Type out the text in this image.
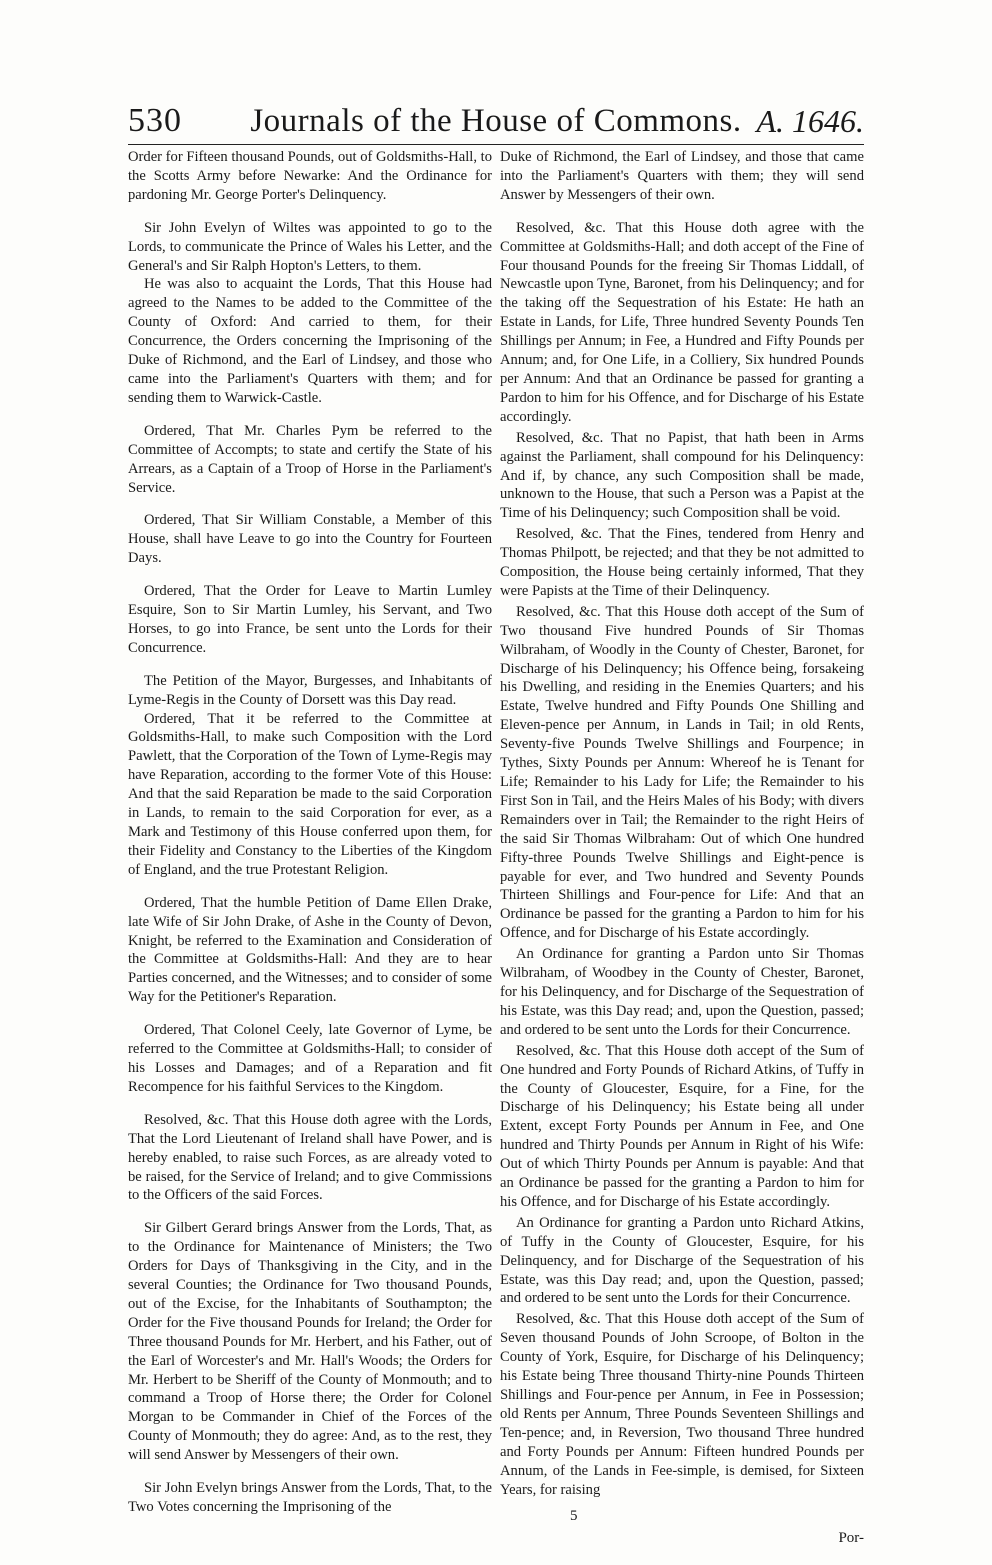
530	Journals of the House of Commons. A. 1646.

Order for Fifteen thousand Pounds, out of Goldsmiths-Hall, to the Scotts Army before Newarke: And the Ordinance for pardoning Mr. George Porter's Delinquency.

Sir John Evelyn of Wiltes was appointed to go to the Lords, to communicate the Prince of Wales his Letter, and the General's and Sir Ralph Hopton's Letters, to them.

He was also to acquaint the Lords, That this House had agreed to the Names to be added to the Committee of the County of Oxford: And carried to them, for their Concurrence, the Orders concerning the Imprisoning of the Duke of Richmond, and the Earl of Lindsey, and those who came into the Parliament's Quarters with them; and for sending them to Warwick-Castle.

Ordered, That Mr. Charles Pym be referred to the Committee of Accompts; to state and certify the State of his Arrears, as a Captain of a Troop of Horse in the Parliament's Service.

Ordered, That Sir William Constable, a Member of this House, shall have Leave to go into the Country for Fourteen Days.

Ordered, That the Order for Leave to Martin Lumley Esquire, Son to Sir Martin Lumley, his Servant, and Two Horses, to go into France, be sent unto the Lords for their Concurrence.

The Petition of the Mayor, Burgesses, and Inhabitants of Lyme-Regis in the County of Dorsett was this Day read.

Ordered, That it be referred to the Committee at Goldsmiths-Hall, to make such Composition with the Lord Pawlett, that the Corporation of the Town of Lyme-Regis may have Reparation, according to the former Vote of this House: And that the said Reparation be made to the said Corporation in Lands, to remain to the said Corporation for ever, as a Mark and Testimony of this House conferred upon them, for their Fidelity and Constancy to the Liberties of the Kingdom of England, and the true Protestant Religion.

Ordered, That the humble Petition of Dame Ellen Drake, late Wife of Sir John Drake, of Ashe in the County of Devon, Knight, be referred to the Examination and Consideration of the Committee at Goldsmiths-Hall: And they are to hear Parties concerned, and the Witnesses; and to consider of some Way for the Petitioner's Reparation.

Ordered, That Colonel Ceely, late Governor of Lyme, be referred to the Committee at Goldsmiths-Hall; to consider of his Losses and Damages; and of a Reparation and fit Recompence for his faithful Services to the Kingdom.

Resolved, &c. That this House doth agree with the Lords, That the Lord Lieutenant of Ireland shall have Power, and is hereby enabled, to raise such Forces, as are already voted to be raised, for the Service of Ireland; and to give Commissions to the Officers of the said Forces.

Sir Gilbert Gerard brings Answer from the Lords, That, as to the Ordinance for Maintenance of Ministers; the Two Orders for Days of Thanksgiving in the City, and in the several Counties; the Ordinance for Two thousand Pounds, out of the Excise, for the Inhabitants of Southampton; the Order for the Five thousand Pounds for Ireland; the Order for Three thousand Pounds for Mr. Herbert, and his Father, out of the Earl of Worcester's and Mr. Hall's Woods; the Orders for Mr. Herbert to be Sheriff of the County of Monmouth; and to command a Troop of Horse there; the Order for Colonel Morgan to be Commander in Chief of the Forces of the County of Monmouth; they do agree: And, as to the rest, they will send Answer by Messengers of their own.

Sir John Evelyn brings Answer from the Lords, That, to the Two Votes concerning the Imprisoning of the

Duke of Richmond, the Earl of Lindsey, and those that came into the Parliament's Quarters with them; they will send Answer by Messengers of their own.

Resolved, &c. That this House doth agree with the Committee at Goldsmiths-Hall; and doth accept of the Fine of Four thousand Pounds for the freeing Sir Thomas Liddall, of Newcastle upon Tyne, Baronet, from his Delinquency; and for the taking off the Sequestration of his Estate: He hath an Estate in Lands, for Life, Three hundred Seventy Pounds Ten Shillings per Annum; in Fee, a Hundred and Fifty Pounds per Annum; and, for One Life, in a Colliery, Six hundred Pounds per Annum: And that an Ordinance be passed for granting a Pardon to him for his Offence, and for Discharge of his Estate accordingly.

Resolved, &c. That no Papist, that hath been in Arms against the Parliament, shall compound for his Delinquency: And if, by chance, any such Composition shall be made, unknown to the House, that such a Person was a Papist at the Time of his Delinquency; such Composition shall be void.

Resolved, &c. That the Fines, tendered from Henry and Thomas Philpott, be rejected; and that they be not admitted to Composition, the House being certainly informed, That they were Papists at the Time of their Delinquency.

Resolved, &c. That this House doth accept of the Sum of Two thousand Five hundred Pounds of Sir Thomas Wilbraham, of Woodly in the County of Chester, Baronet, for Discharge of his Delinquency; his Offence being, forsakeing his Dwelling, and residing in the Enemies Quarters; and his Estate, Twelve hundred and Fifty Pounds One Shilling and Eleven-pence per Annum, in Lands in Tail; in old Rents, Seventy-five Pounds Twelve Shillings and Fourpence; in Tythes, Sixty Pounds per Annum: Whereof he is Tenant for Life; Remainder to his Lady for Life; the Remainder to his First Son in Tail, and the Heirs Males of his Body; with divers Remainders over in Tail; the Remainder to the right Heirs of the said Sir Thomas Wilbraham: Out of which One hundred Fifty-three Pounds Twelve Shillings and Eight-pence is payable for ever, and Two hundred and Seventy Pounds Thirteen Shillings and Four-pence for Life: And that an Ordinance be passed for the granting a Pardon to him for his Offence, and for Discharge of his Estate accordingly.

An Ordinance for granting a Pardon unto Sir Thomas Wilbraham, of Woodbey in the County of Chester, Baronet, for his Delinquency, and for Discharge of the Sequestration of his Estate, was this Day read; and, upon the Question, passed; and ordered to be sent unto the Lords for their Concurrence.

Resolved, &c. That this House doth accept of the Sum of One hundred and Forty Pounds of Richard Atkins, of Tuffy in the County of Gloucester, Esquire, for a Fine, for the Discharge of his Delinquency; his Estate being all under Extent, except Forty Pounds per Annum in Fee, and One hundred and Thirty Pounds per Annum in Right of his Wife: Out of which Thirty Pounds per Annum is payable: And that an Ordinance be passed for the granting a Pardon to him for his Offence, and for Discharge of his Estate accordingly.

An Ordinance for granting a Pardon unto Richard Atkins, of Tuffy in the County of Gloucester, Esquire, for his Delinquency, and for Discharge of the Sequestration of his Estate, was this Day read; and, upon the Question, passed; and ordered to be sent unto the Lords for their Concurrence.

Resolved, &c. That this House doth accept of the Sum of Seven thousand Pounds of John Scroope, of Bolton in the County of York, Esquire, for Discharge of his Delinquency; his Estate being Three thousand Thirty-nine Pounds Thirteen Shillings and Four-pence per Annum, in Fee in Possession; old Rents per Annum, Three Pounds Seventeen Shillings and Ten-pence; and, in Reversion, Two thousand Three hundred and Forty Pounds per Annum: Fifteen hundred Pounds per Annum, of the Lands in Fee-simple, is demised, for Sixteen Years, for raising

5
Por-
